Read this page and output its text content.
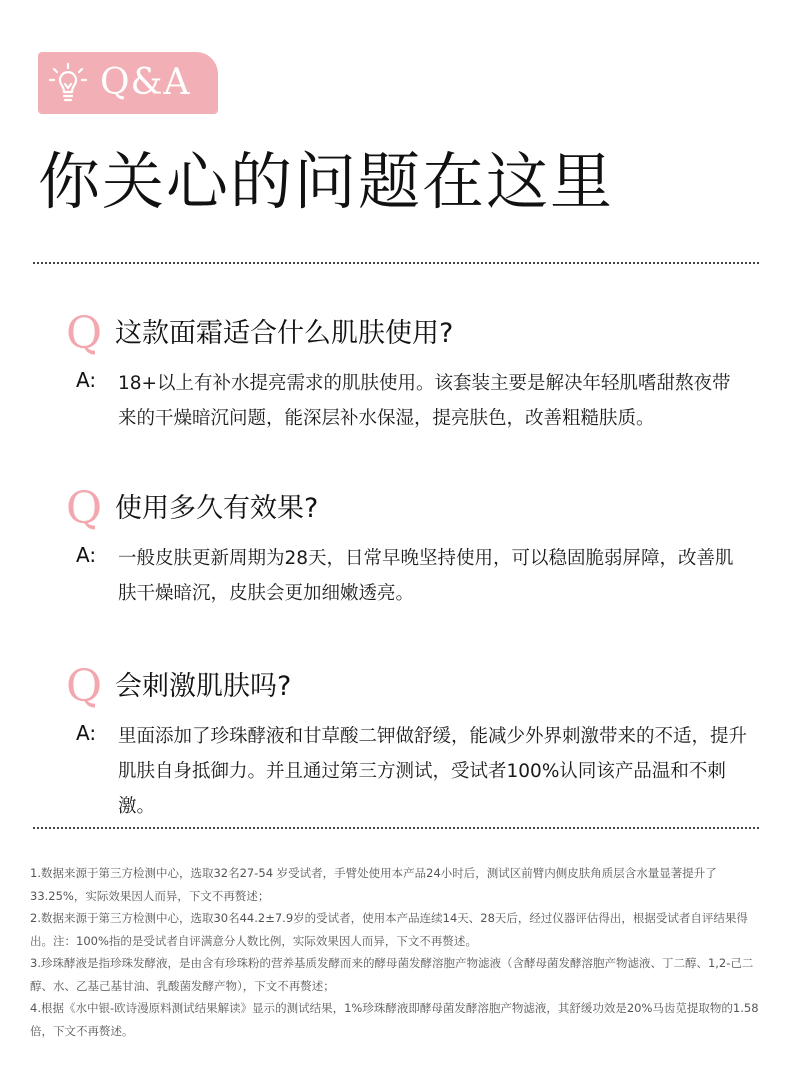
Q&A
你关心的问题在这里
Q 这款面霜适合什么肌肤使用?
A: 18+以上有补水提亮需求的肌肤使用。该套装主要是解决年轻肌嗜甜熬夜带来的干燥暗沉问题，能深层补水保湿，提亮肤色，改善粗糙肤质。

Q 使用多久有效果?
A: 一般皮肤更新周期为28天，日常早晚坚持使用，可以稳固脆弱屏障，改善肌肤干燥暗沉，皮肤会更加细嫩透亮。

Q 会刺激肌肤吗?
A: 里面添加了珍珠酵液和甘草酸二钾做舒缓，能减少外界刺激带来的不适，提升肌肤自身抵御力。并且通过第三方测试，受试者100%认同该产品温和不刺激。

1.数据来源于第三方检测中心，选取32名27-54 岁受试者，手臂处使用本产品24小时后，测试区前臂内侧皮肤角质层含水量显著提升了 33.25%，实际效果因人而异，下文不再赘述；

2.数据来源于第三方检测中心，选取30名44.2±7.9岁的受试者，使用本产品连续14天、28天后，经过仪器评估得出，根据受试者自评结果得出。注：100%指的是受试者自评满意分人数比例，实际效果因人而异，下文不再赘述。

3.珍珠酵液是指珍珠发酵液，是由含有珍珠粉的营养基质发酵而来的酵母菌发酵溶胞产物滤液（含酵母菌发酵溶胞产物滤液、丁二醇、1,2-己二醇、水、乙基己基甘油、乳酸菌发酵产物），下文不再赘述；

4.根据《水中银-欧诗漫原料测试结果解读》显示的测试结果，1%珍珠酵液即酵母菌发酵溶胞产物滤液，其舒缓功效是20%马齿苋提取物的1.58倍，下文不再赘述。
